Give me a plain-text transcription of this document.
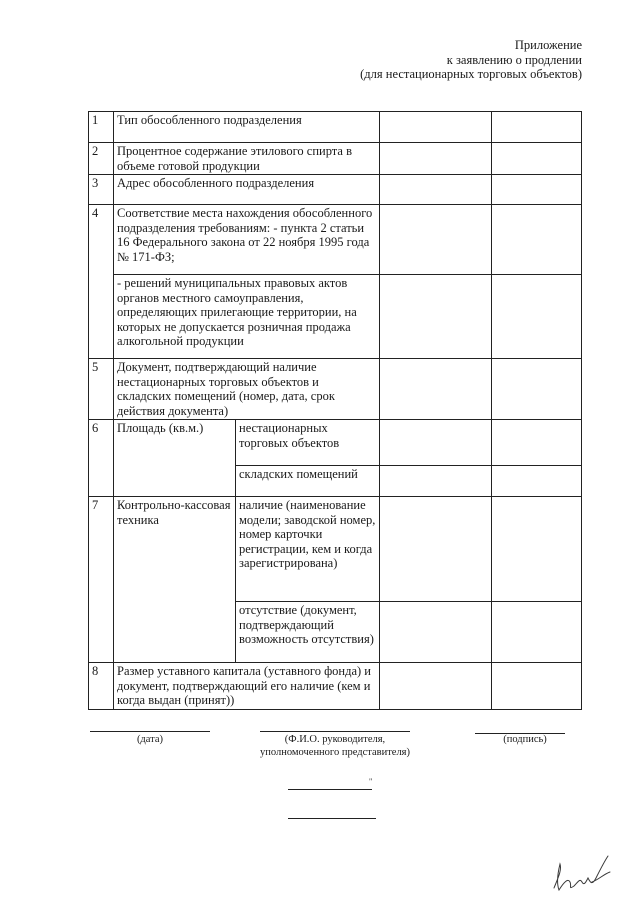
Приложение
к заявлению о продлении
(для нестационарных торговых объектов)
1	Тип обособленного подразделения			
2	Процентное содержание этилового спирта в объеме готовой продукции			
3	Адрес обособленного подразделения			
4	Соответствие места нахождения обособленного подразделения требованиям: - пункта 2 статьи 16 Федерального закона от 22 ноября 1995 года № 171-ФЗ;			
	- решений муниципальных правовых актов органов местного самоуправления, определяющих прилегающие территории, на которых не допускается розничная продажа алкогольной продукции			
5	Документ, подтверждающий наличие нестационарных торговых объектов и складских помещений (номер, дата, срок действия документа)			
6	Площадь (кв.м.)	нестационарных торговых объектов		
		складских помещений		
7	Контрольно-кассовая техника	наличие (наименование модели; заводской номер, номер карточки регистрации, кем и когда зарегистрирована)		
		отсутствие (документ, подтверждающий возможность отсутствия)		
8	Размер уставного капитала (уставного фонда) и документ, подтверждающий его наличие (кем и когда выдан (принят))			
(дата)	(Ф.И.О. руководителя,
уполномоченного представителя)
(подпись)
"
